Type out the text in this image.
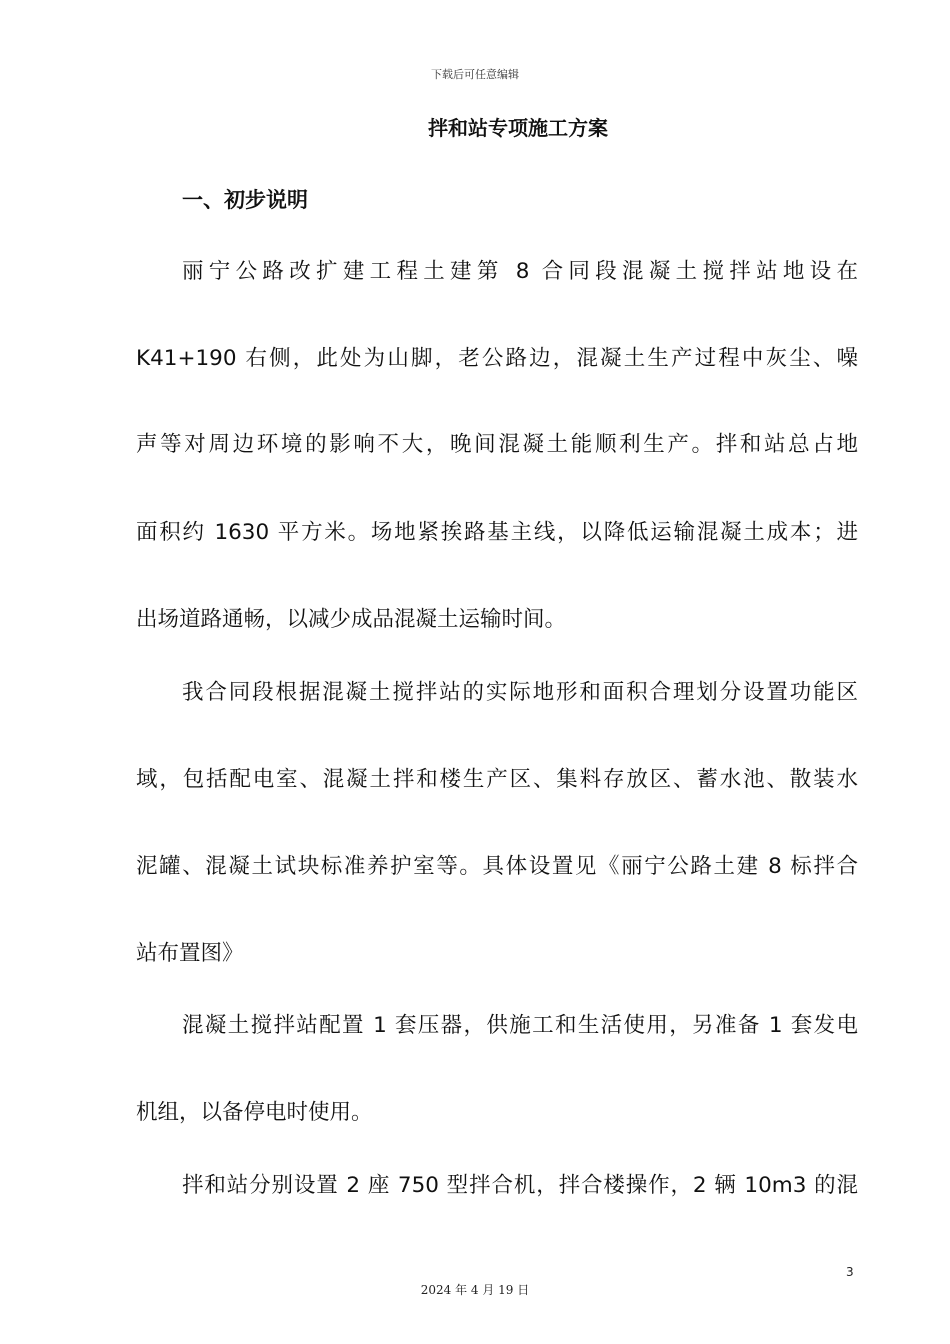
下载后可任意编辑
拌和站专项施工方案
一、初步说明
丽宁公路改扩建工程土建第 8 合同段混凝土搅拌站地设在
K41+190 右侧，此处为山脚，老公路边，混凝土生产过程中灰尘、噪
声等对周边环境的影响不大，晚间混凝土能顺利生产。拌和站总占地
面积约 1630 平方米。场地紧挨路基主线，以降低运输混凝土成本；进
出场道路通畅，以减少成品混凝土运输时间。
我合同段根据混凝土搅拌站的实际地形和面积合理划分设置功能区
域，包括配电室、混凝土拌和楼生产区、集料存放区、蓄水池、散装水
泥罐、混凝土试块标准养护室等。具体设置见《丽宁公路土建 8 标拌合
站布置图》
混凝土搅拌站配置 1 套压器，供施工和生活使用，另准备 1 套发电
机组，以备停电时使用。
拌和站分别设置 2 座 750 型拌合机，拌合楼操作，2 辆 10m3 的混
3
2024 年 4 月 19 日
